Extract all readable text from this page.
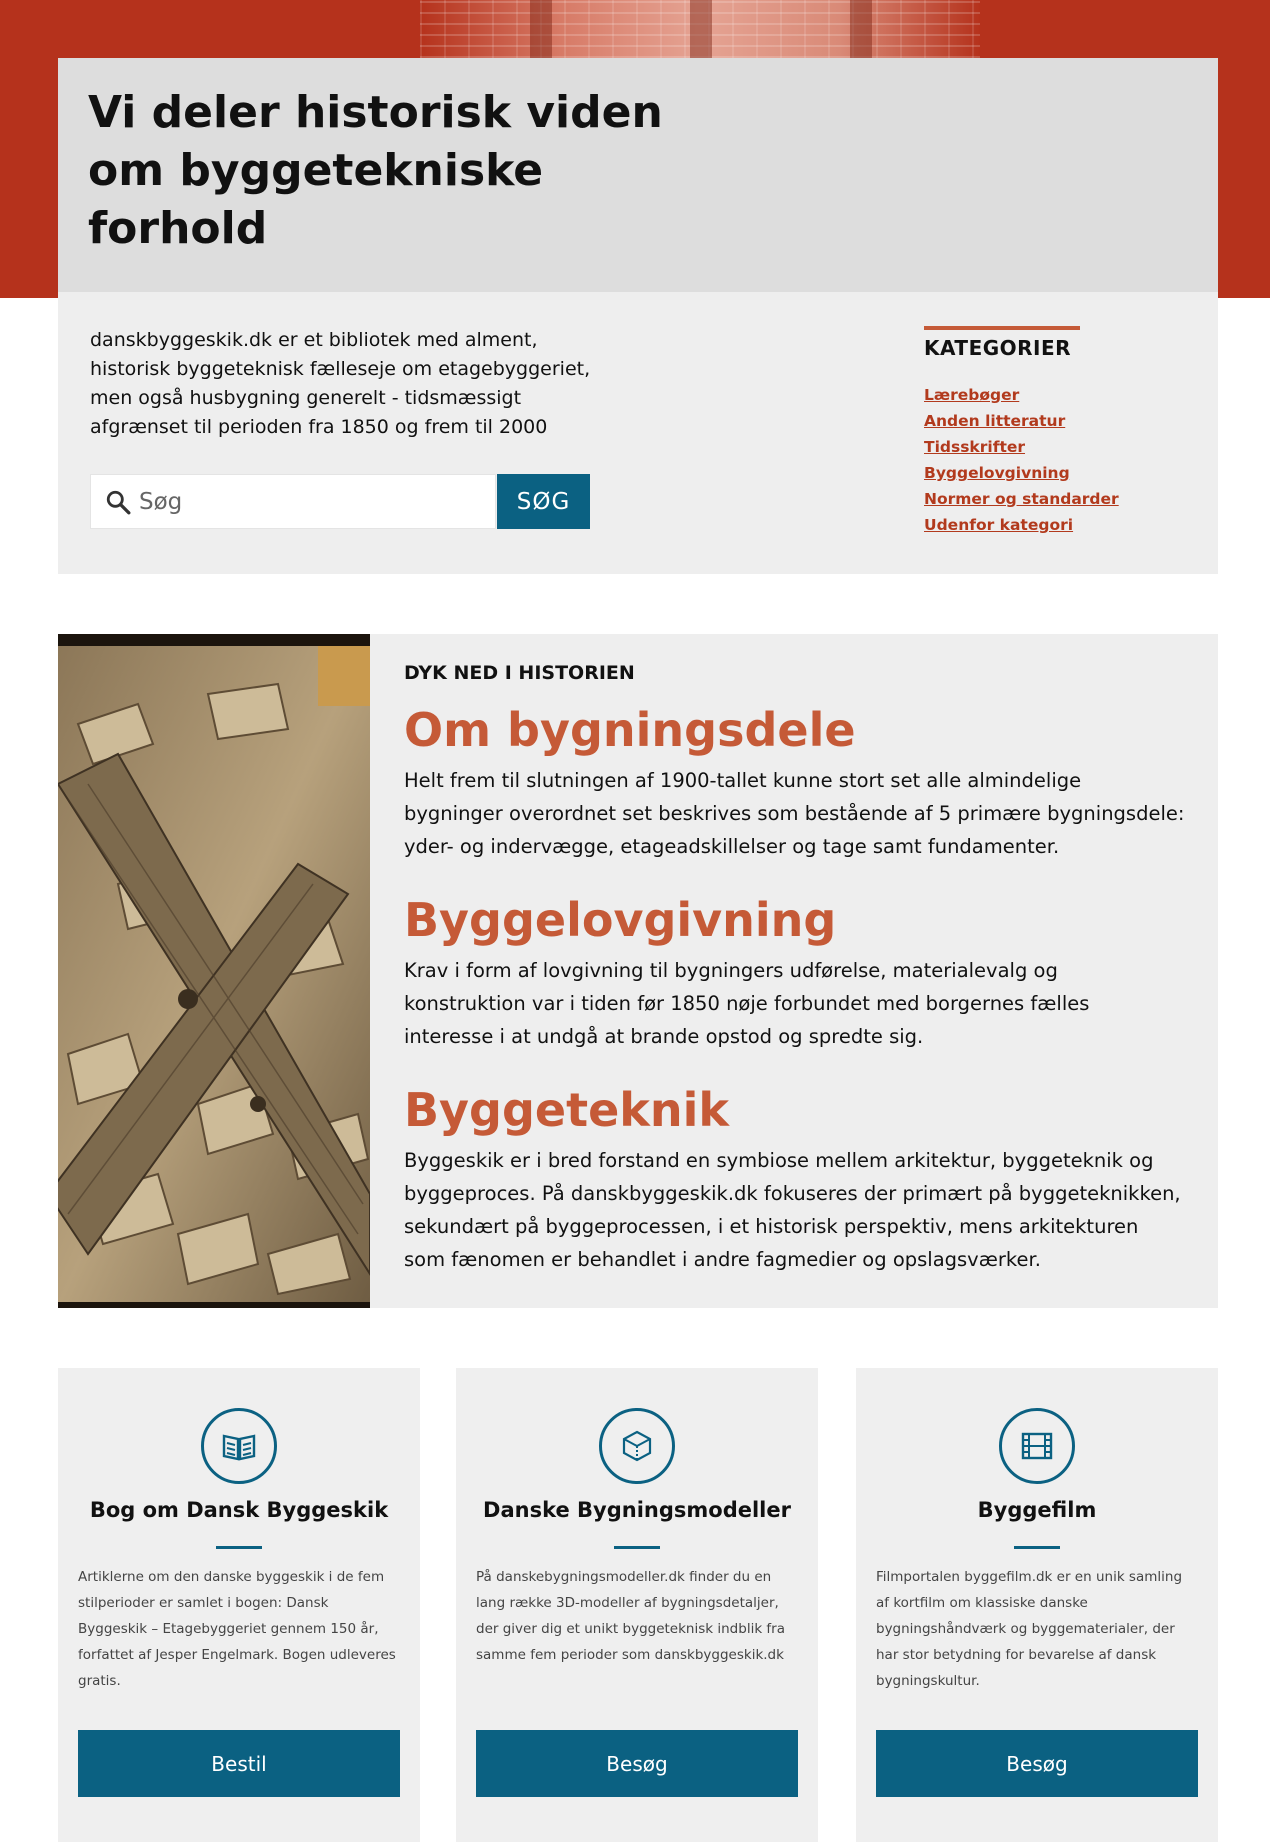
Vi deler historisk viden
om byggetekniske
forhold

danskbyggeskik.dk er et bibliotek med alment,
historisk byggeteknisk fælleseje om etagebyggeriet,
men også husbygning generelt - tidsmæssigt
afgrænset til perioden fra 1850 og frem til 2000

Søg
SØG
KATEGORIER
Lærebøger
Anden litteratur
Tidsskrifter
Byggelovgivning
Normer og standarder
Udenfor kategori
DYK NED I HISTORIEN
Om bygningsdele

Helt frem til slutningen af 1900-tallet kunne stort set alle almindelige
bygninger overordnet set beskrives som bestående af 5 primære bygningsdele:
yder- og indervægge, etageadskillelser og tage samt fundamenter.

Byggelovgivning

Krav i form af lovgivning til bygningers udførelse, materialevalg og
konstruktion var i tiden før 1850 nøje forbundet med borgernes fælles
interesse i at undgå at brande opstod og spredte sig.

Byggeteknik

Byggeskik er i bred forstand en symbiose mellem arkitektur, byggeteknik og
byggeproces. På danskbyggeskik.dk fokuseres der primært på byggeteknikken,
sekundært på byggeprocessen, i et historisk perspektiv, mens arkitekturen
som fænomen er behandlet i andre fagmedier og opslagsværker.

Bog om Dansk Byggeskik

Artiklerne om den danske byggeskik i de fem
stilperioder er samlet i bogen: Dansk
Byggeskik – Etagebyggeriet gennem 150 år,
forfattet af Jesper Engelmark. Bogen udleveres
gratis.

Bestil
Danske Bygningsmodeller

På danskebygningsmodeller.dk finder du en
lang række 3D-modeller af bygningsdetaljer,
der giver dig et unikt byggeteknisk indblik fra
samme fem perioder som danskbyggeskik.dk

Besøg
Byggefilm

Filmportalen byggefilm.dk er en unik samling
af kortfilm om klassiske danske
bygningshåndværk og byggematerialer, der
har stor betydning for bevarelse af dansk
bygningskultur.

Besøg
